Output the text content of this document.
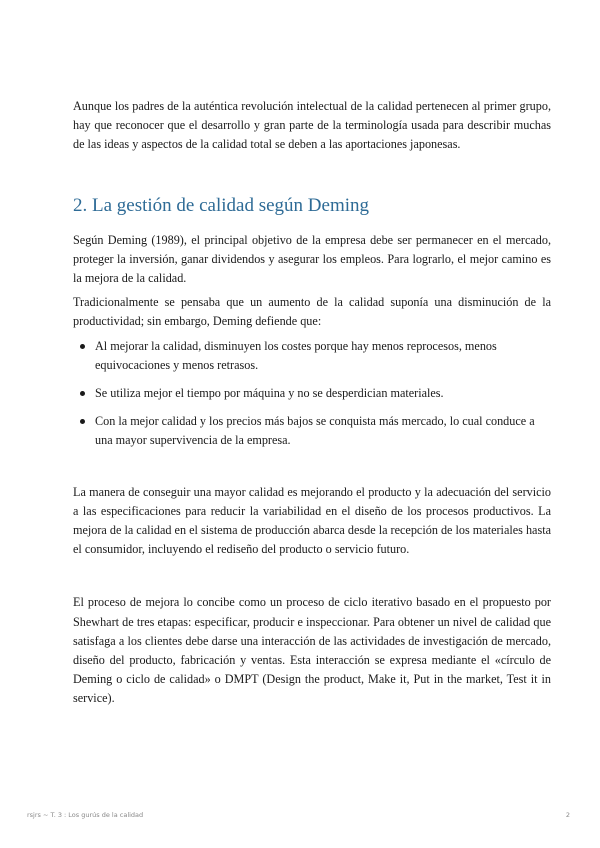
Aunque los padres de la auténtica revolución intelectual de la calidad pertenecen al primer grupo, hay que reconocer que el desarrollo y gran parte de la terminología usada para describir muchas de las ideas y aspectos de la calidad total se deben a las aportaciones japonesas.

2. La gestión de calidad según Deming

Según Deming (1989), el principal objetivo de la empresa debe ser permanecer en el mercado, proteger la inversión, ganar dividendos y asegurar los empleos. Para lograrlo, el mejor camino es la mejora de la calidad.

Tradicionalmente se pensaba que un aumento de la calidad suponía una disminución de la productividad; sin embargo, Deming defiende que:

Al mejorar la calidad, disminuyen los costes porque hay menos reprocesos, menos equivocaciones y menos retrasos.
Se utiliza mejor el tiempo por máquina y no se desperdician materiales.
Con la mejor calidad y los precios más bajos se conquista más mercado, lo cual conduce a una mayor supervivencia de la empresa.

La manera de conseguir una mayor calidad es mejorando el producto y la adecuación del servicio a las especificaciones para reducir la variabilidad en el diseño de los procesos productivos. La mejora de la calidad en el sistema de producción abarca desde la recepción de los materiales hasta el consumidor, incluyendo el rediseño del producto o servicio futuro.

El proceso de mejora lo concibe como un proceso de ciclo iterativo basado en el propuesto por Shewhart de tres etapas: especificar, producir e inspeccionar. Para obtener un nivel de calidad que satisfaga a los clientes debe darse una interacción de las actividades de investigación de mercado, diseño del producto, fabricación y ventas. Esta interacción se expresa mediante el «círculo de Deming o ciclo de calidad» o DMPT (Design the product, Make it, Put in the market, Test it in service).

rsjrs ~ T. 3 : Los gurús de la calidad	2
